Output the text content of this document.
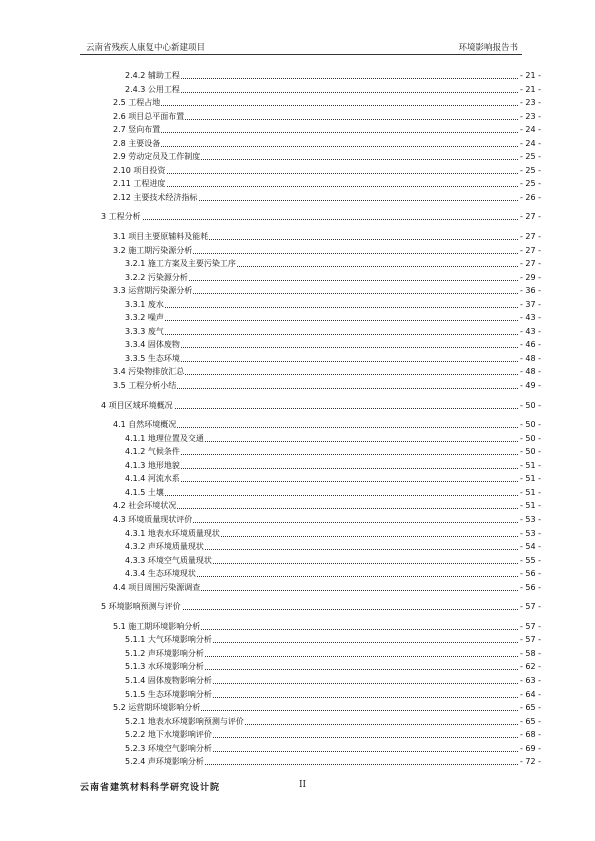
云南省残疾人康复中心新建项目	环境影响报告书
2.4.2 辅助工程	- 21 -
2.4.3 公用工程	- 21 -
2.5 工程占地	- 23 -
2.6 项目总平面布置	- 23 -
2.7 竖向布置	- 24 -
2.8 主要设备	- 24 -
2.9 劳动定员及工作制度	- 25 -
2.10 项目投资	- 25 -
2.11 工程进度	- 25 -
2.12 主要技术经济指标	- 26 -
3 工程分析	- 27 -
3.1 项目主要原辅料及能耗	- 27 -
3.2 施工期污染源分析	- 27 -
3.2.1 施工方案及主要污染工序	- 27 -
3.2.2 污染源分析	- 29 -
3.3 运营期污染源分析	- 36 -
3.3.1 废水	- 37 -
3.3.2 噪声	- 43 -
3.3.3 废气	- 43 -
3.3.4 固体废物	- 46 -
3.3.5 生态环境	- 48 -
3.4 污染物排放汇总	- 48 -
3.5 工程分析小结	- 49 -
4 项目区域环境概况	- 50 -
4.1 自然环境概况	- 50 -
4.1.1 地理位置及交通	- 50 -
4.1.2 气候条件	- 50 -
4.1.3 地形地貌	- 51 -
4.1.4 河流水系	- 51 -
4.1.5 土壤	- 51 -
4.2 社会环境状况	- 51 -
4.3 环境质量现状评价	- 53 -
4.3.1 地表水环境质量现状	- 53 -
4.3.2 声环境质量现状	- 54 -
4.3.3 环境空气质量现状	- 55 -
4.3.4 生态环境现状	- 56 -
4.4 项目周围污染源调查	- 56 -
5 环境影响预测与评价	- 57 -
5.1 施工期环境影响分析	- 57 -
5.1.1 大气环境影响分析	- 57 -
5.1.2 声环境影响分析	- 58 -
5.1.3 水环境影响分析	- 62 -
5.1.4 固体废物影响分析	- 63 -
5.1.5 生态环境影响分析	- 64 -
5.2 运营期环境影响分析	- 65 -
5.2.1 地表水环境影响预测与评价	- 65 -
5.2.2 地下水境影响评价	- 68 -
5.2.3 环境空气影响分析	- 69 -
5.2.4 声环境影响分析	- 72 -
云南省建筑材料科学研究设计院	II
